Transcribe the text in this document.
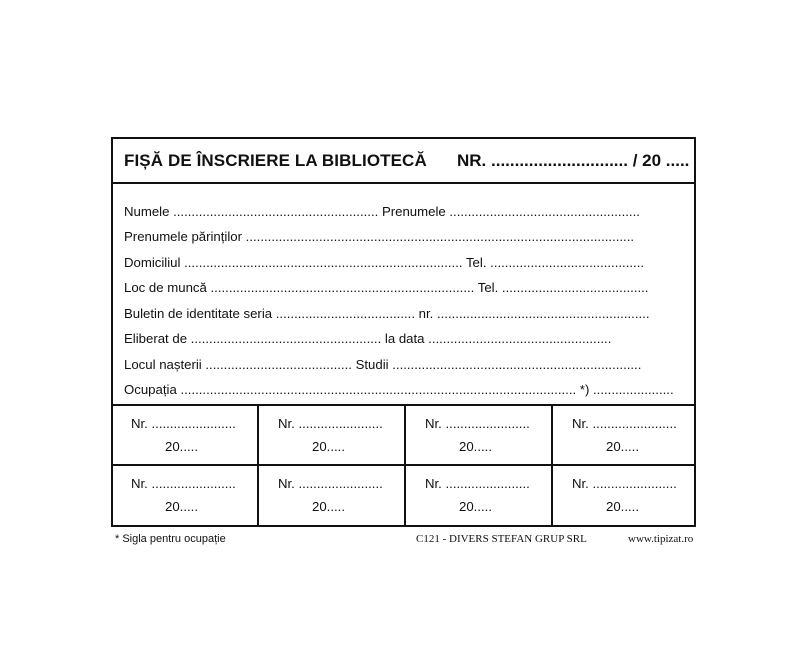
FIȘĂ DE ÎNSCRIERE LA BIBLIOTECĂ NR. ............................. / 20 .....
Numele ........................................................ Prenumele ....................................................
Prenumele părinților ..........................................................................................................
Domiciliul ............................................................................ Tel. ..........................................
Loc de muncă ........................................................................ Tel. ........................................
Buletin de identitate seria ...................................... nr. ..........................................................
Eliberat de .................................................... la data ..................................................
Locul nașterii ........................................ Studii ....................................................................
Ocupația ............................................................................................................ *) ......................
Nr. .......................
20.....
Nr. .......................
20.....
Nr. .......................
20.....
Nr. .......................
20.....
Nr. .......................
20.....
Nr. .......................
20.....
Nr. .......................
20.....
Nr. .......................
20.....
* Sigla pentru ocupație	C121 - DIVERS STEFAN GRUP SRL	www.tipizat.ro
